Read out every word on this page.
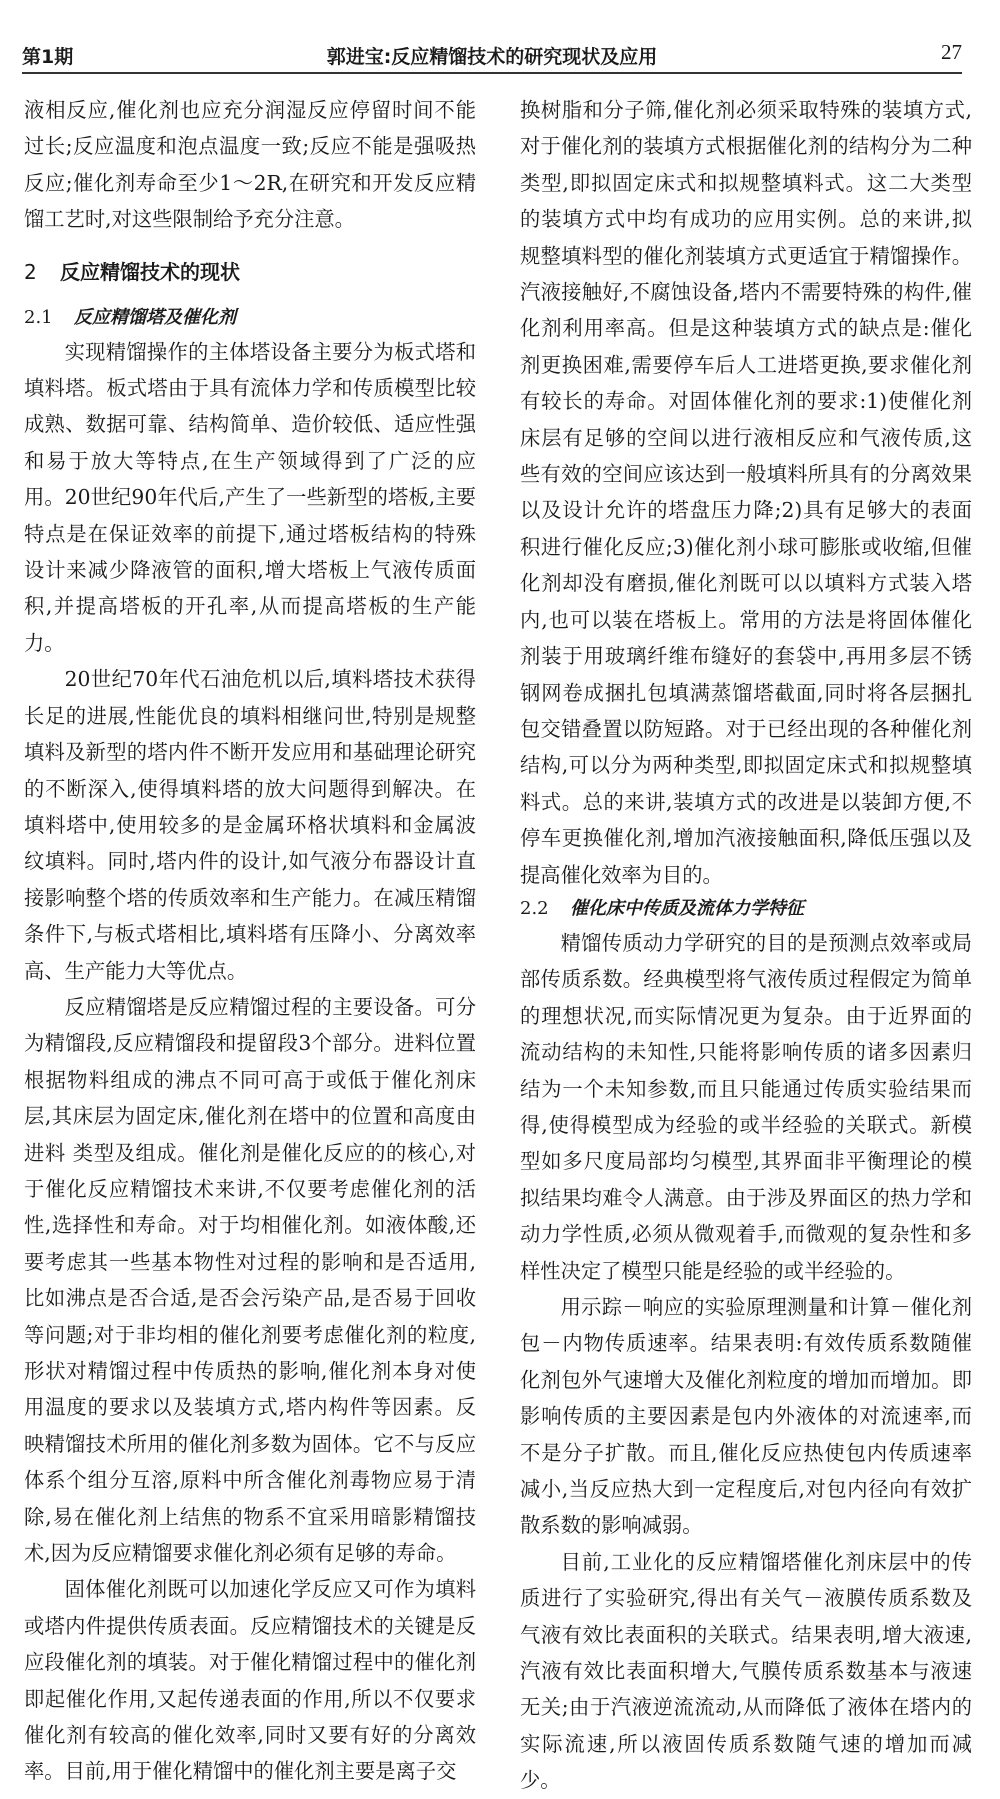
第1期	郭进宝:反应精馏技术的研究现状及应用	27

液相反应,催化剂也应充分润湿反应停留时间不能过长;反应温度和泡点温度一致;反应不能是强吸热反应;催化剂寿命至少1～2R,在研究和开发反应精馏工艺时,对这些限制给予充分注意。

2 反应精馏技术的现状
2.1 反应精馏塔及催化剂

实现精馏操作的主体塔设备主要分为板式塔和填料塔。板式塔由于具有流体力学和传质模型比较成熟、数据可靠、结构简单、造价较低、适应性强和易于放大等特点,在生产领域得到了广泛的应用。20世纪90年代后,产生了一些新型的塔板,主要特点是在保证效率的前提下,通过塔板结构的特殊设计来减少降液管的面积,增大塔板上气液传质面积,并提高塔板的开孔率,从而提高塔板的生产能力。

20世纪70年代石油危机以后,填料塔技术获得长足的进展,性能优良的填料相继问世,特别是规整填料及新型的塔内件不断开发应用和基础理论研究的不断深入,使得填料塔的放大问题得到解决。在填料塔中,使用较多的是金属环格状填料和金属波纹填料。同时,塔内件的设计,如气液分布器设计直接影响整个塔的传质效率和生产能力。在减压精馏条件下,与板式塔相比,填料塔有压降小、分离效率高、生产能力大等优点。

反应精馏塔是反应精馏过程的主要设备。可分为精馏段,反应精馏段和提留段3个部分。进料位置根据物料组成的沸点不同可高于或低于催化剂床层,其床层为固定床,催化剂在塔中的位置和高度由进料 类型及组成。催化剂是催化反应的的核心,对于催化反应精馏技术来讲,不仅要考虑催化剂的活性,选择性和寿命。对于均相催化剂。如液体酸,还要考虑其一些基本物性对过程的影响和是否适用,比如沸点是否合适,是否会污染产品,是否易于回收等问题;对于非均相的催化剂要考虑催化剂的粒度,形状对精馏过程中传质热的影响,催化剂本身对使用温度的要求以及装填方式,塔内构件等因素。反映精馏技术所用的催化剂多数为固体。它不与反应体系个组分互溶,原料中所含催化剂毒物应易于清除,易在催化剂上结焦的物系不宜采用暗影精馏技术,因为反应精馏要求催化剂必须有足够的寿命。

固体催化剂既可以加速化学反应又可作为填料或塔内件提供传质表面。反应精馏技术的关键是反应段催化剂的填装。对于催化精馏过程中的催化剂即起催化作用,又起传递表面的作用,所以不仅要求催化剂有较高的催化效率,同时又要有好的分离效率。目前,用于催化精馏中的催化剂主要是离子交

换树脂和分子筛,催化剂必须采取特殊的装填方式,对于催化剂的装填方式根据催化剂的结构分为二种类型,即拟固定床式和拟规整填料式。这二大类型的装填方式中均有成功的应用实例。总的来讲,拟规整填料型的催化剂装填方式更适宜于精馏操作。汽液接触好,不腐蚀设备,塔内不需要特殊的构件,催化剂利用率高。但是这种装填方式的缺点是:催化剂更换困难,需要停车后人工进塔更换,要求催化剂有较长的寿命。对固体催化剂的要求:1)使催化剂床层有足够的空间以进行液相反应和气液传质,这些有效的空间应该达到一般填料所具有的分离效果以及设计允许的塔盘压力降;2)具有足够大的表面积进行催化反应;3)催化剂小球可膨胀或收缩,但催化剂却没有磨损,催化剂既可以以填料方式装入塔内,也可以装在塔板上。常用的方法是将固体催化剂装于用玻璃纤维布缝好的套袋中,再用多层不锈钢网卷成捆扎包填满蒸馏塔截面,同时将各层捆扎包交错叠置以防短路。对于已经出现的各种催化剂结构,可以分为两种类型,即拟固定床式和拟规整填料式。总的来讲,装填方式的改进是以装卸方便,不停车更换催化剂,增加汽液接触面积,降低压强以及提高催化效率为目的。

2.2 催化床中传质及流体力学特征

精馏传质动力学研究的目的是预测点效率或局部传质系数。经典模型将气液传质过程假定为简单的理想状况,而实际情况更为复杂。由于近界面的流动结构的未知性,只能将影响传质的诸多因素归结为一个未知参数,而且只能通过传质实验结果而得,使得模型成为经验的或半经验的关联式。新模型如多尺度局部均匀模型,其界面非平衡理论的模拟结果均难令人满意。由于涉及界面区的热力学和动力学性质,必须从微观着手,而微观的复杂性和多样性决定了模型只能是经验的或半经验的。

用示踪－响应的实验原理测量和计算－催化剂包－内物传质速率。结果表明:有效传质系数随催化剂包外气速增大及催化剂粒度的增加而增加。即影响传质的主要因素是包内外液体的对流速率,而不是分子扩散。而且,催化反应热使包内传质速率减小,当反应热大到一定程度后,对包内径向有效扩散系数的影响减弱。

目前,工业化的反应精馏塔催化剂床层中的传质进行了实验研究,得出有关气－液膜传质系数及气液有效比表面积的关联式。结果表明,增大液速,汽液有效比表面积增大,气膜传质系数基本与液速无关;由于汽液逆流流动,从而降低了液体在塔内的实际流速,所以液固传质系数随气速的增加而减少。
